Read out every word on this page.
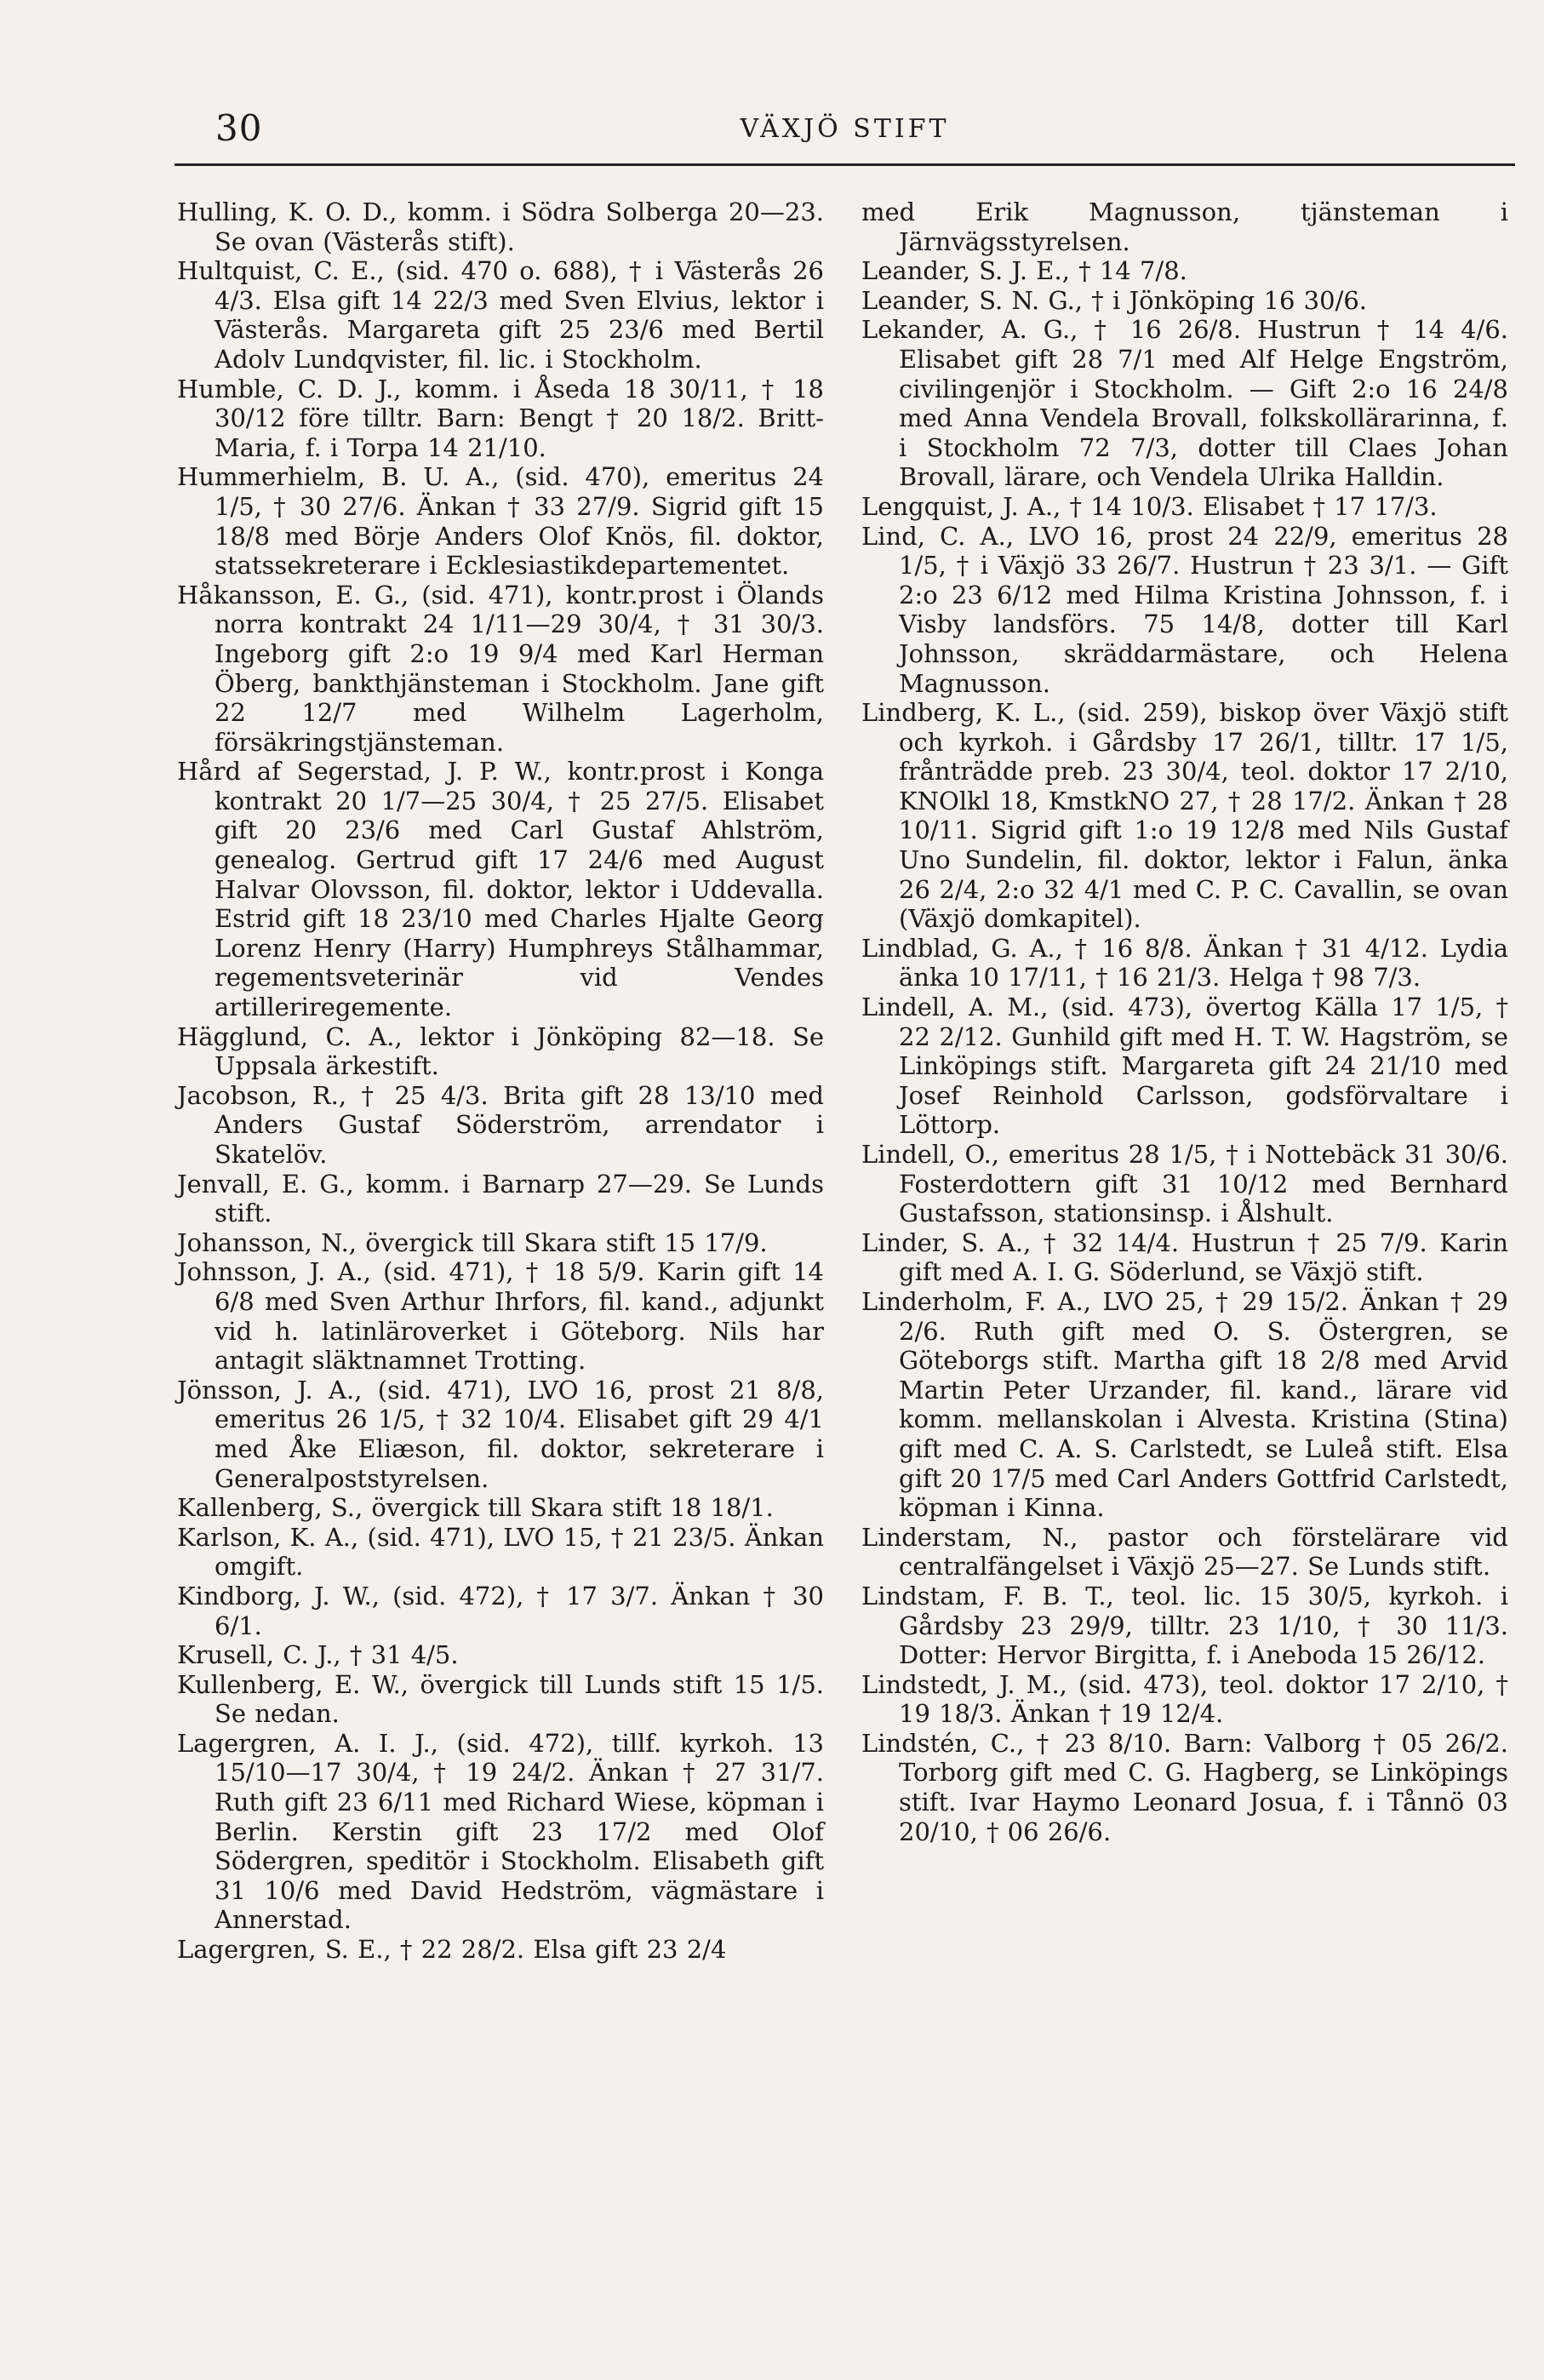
30	VÄXJÖ STIFT

Hulling, K. O. D., komm. i Södra Solberga 20—23. Se ovan (Västerås stift).

Hultquist, C. E., (sid. 470 o. 688), † i Västerås 26 4/3. Elsa gift 14 22/3 med Sven Elvius, lektor i Västerås. Margareta gift 25 23/6 med Bertil Adolv Lundqvister, fil. lic. i Stockholm.

Humble, C. D. J., komm. i Åseda 18 30/11, † 18 30/12 före tilltr. Barn: Bengt † 20 18/2. Britt-Maria, f. i Torpa 14 21/10.

Hummerhielm, B. U. A., (sid. 470), emeritus 24 1/5, † 30 27/6. Änkan † 33 27/9. Sigrid gift 15 18/8 med Börje Anders Olof Knös, fil. doktor, statssekreterare i Ecklesiastikdepartementet.

Håkansson, E. G., (sid. 471), kontr.prost i Ölands norra kontrakt 24 1/11—29 30/4, † 31 30/3. Ingeborg gift 2:o 19 9/4 med Karl Herman Öberg, bankthjänsteman i Stockholm. Jane gift 22 12/7 med Wilhelm Lagerholm, försäkringstjänsteman.

Hård af Segerstad, J. P. W., kontr.prost i Konga kontrakt 20 1/7—25 30/4, † 25 27/5. Elisabet gift 20 23/6 med Carl Gustaf Ahlström, genealog. Gertrud gift 17 24/6 med August Halvar Olovsson, fil. doktor, lektor i Uddevalla. Estrid gift 18 23/10 med Charles Hjalte Georg Lorenz Henry (Harry) Humphreys Stålhammar, regementsveterinär vid Vendes artilleriregemente.

Hägglund, C. A., lektor i Jönköping 82—18. Se Uppsala ärkestift.

Jacobson, R., † 25 4/3. Brita gift 28 13/10 med Anders Gustaf Söderström, arrendator i Skatelöv.

Jenvall, E. G., komm. i Barnarp 27—29. Se Lunds stift.

Johansson, N., övergick till Skara stift 15 17/9.

Johnsson, J. A., (sid. 471), † 18 5/9. Karin gift 14 6/8 med Sven Arthur Ihrfors, fil. kand., adjunkt vid h. latinläroverket i Göteborg. Nils har antagit släktnamnet Trotting.

Jönsson, J. A., (sid. 471), LVO 16, prost 21 8/8, emeritus 26 1/5, † 32 10/4. Elisabet gift 29 4/1 med Åke Eliæson, fil. doktor, sekreterare i Generalpoststyrelsen.

Kallenberg, S., övergick till Skara stift 18 18/1.

Karlson, K. A., (sid. 471), LVO 15, † 21 23/5. Änkan omgift.

Kindborg, J. W., (sid. 472), † 17 3/7. Änkan † 30 6/1.

Krusell, C. J., † 31 4/5.

Kullenberg, E. W., övergick till Lunds stift 15 1/5. Se nedan.

Lagergren, A. I. J., (sid. 472), tillf. kyrkoh. 13 15/10—17 30/4, † 19 24/2. Änkan † 27 31/7. Ruth gift 23 6/11 med Richard Wiese, köpman i Berlin. Kerstin gift 23 17/2 med Olof Södergren, speditör i Stockholm. Elisabeth gift 31 10/6 med David Hedström, vägmästare i Annerstad.

Lagergren, S. E., † 22 28/2. Elsa gift 23 2/4

med Erik Magnusson, tjänsteman i Järnvägsstyrelsen.

Leander, S. J. E., † 14 7/8.

Leander, S. N. G., † i Jönköping 16 30/6.

Lekander, A. G., † 16 26/8. Hustrun † 14 4/6. Elisabet gift 28 7/1 med Alf Helge Engström, civilingenjör i Stockholm. — Gift 2:o 16 24/8 med Anna Vendela Brovall, folkskollärarinna, f. i Stockholm 72 7/3, dotter till Claes Johan Brovall, lärare, och Vendela Ulrika Halldin.

Lengquist, J. A., † 14 10/3. Elisabet † 17 17/3.

Lind, C. A., LVO 16, prost 24 22/9, emeritus 28 1/5, † i Växjö 33 26/7. Hustrun † 23 3/1. — Gift 2:o 23 6/12 med Hilma Kristina Johnsson, f. i Visby landsförs. 75 14/8, dotter till Karl Johnsson, skräddarmästare, och Helena Magnusson.

Lindberg, K. L., (sid. 259), biskop över Växjö stift och kyrkoh. i Gårdsby 17 26/1, tilltr. 17 1/5, frånträdde preb. 23 30/4, teol. doktor 17 2/10, KNOlkl 18, KmstkNO 27, † 28 17/2. Änkan † 28 10/11. Sigrid gift 1:o 19 12/8 med Nils Gustaf Uno Sundelin, fil. doktor, lektor i Falun, änka 26 2/4, 2:o 32 4/1 med C. P. C. Cavallin, se ovan (Växjö domkapitel).

Lindblad, G. A., † 16 8/8. Änkan † 31 4/12. Lydia änka 10 17/11, † 16 21/3. Helga † 98 7/3.

Lindell, A. M., (sid. 473), övertog Källa 17 1/5, † 22 2/12. Gunhild gift med H. T. W. Hagström, se Linköpings stift. Margareta gift 24 21/10 med Josef Reinhold Carlsson, godsförvaltare i Löttorp.

Lindell, O., emeritus 28 1/5, † i Nottebäck 31 30/6. Fosterdottern gift 31 10/12 med Bernhard Gustafsson, stationsinsp. i Ålshult.

Linder, S. A., † 32 14/4. Hustrun † 25 7/9. Karin gift med A. I. G. Söderlund, se Växjö stift.

Linderholm, F. A., LVO 25, † 29 15/2. Änkan † 29 2/6. Ruth gift med O. S. Östergren, se Göteborgs stift. Martha gift 18 2/8 med Arvid Martin Peter Urzander, fil. kand., lärare vid komm. mellanskolan i Alvesta. Kristina (Stina) gift med C. A. S. Carlstedt, se Luleå stift. Elsa gift 20 17/5 med Carl Anders Gottfrid Carlstedt, köpman i Kinna.

Linderstam, N., pastor och förstelärare vid centralfängelset i Växjö 25—27. Se Lunds stift.

Lindstam, F. B. T., teol. lic. 15 30/5, kyrkoh. i Gårdsby 23 29/9, tilltr. 23 1/10, † 30 11/3. Dotter: Hervor Birgitta, f. i Aneboda 15 26/12.

Lindstedt, J. M., (sid. 473), teol. doktor 17 2/10, † 19 18/3. Änkan † 19 12/4.

Lindstén, C., † 23 8/10. Barn: Valborg † 05 26/2. Torborg gift med C. G. Hagberg, se Linköpings stift. Ivar Haymo Leonard Josua, f. i Tånnö 03 20/10, † 06 26/6.
